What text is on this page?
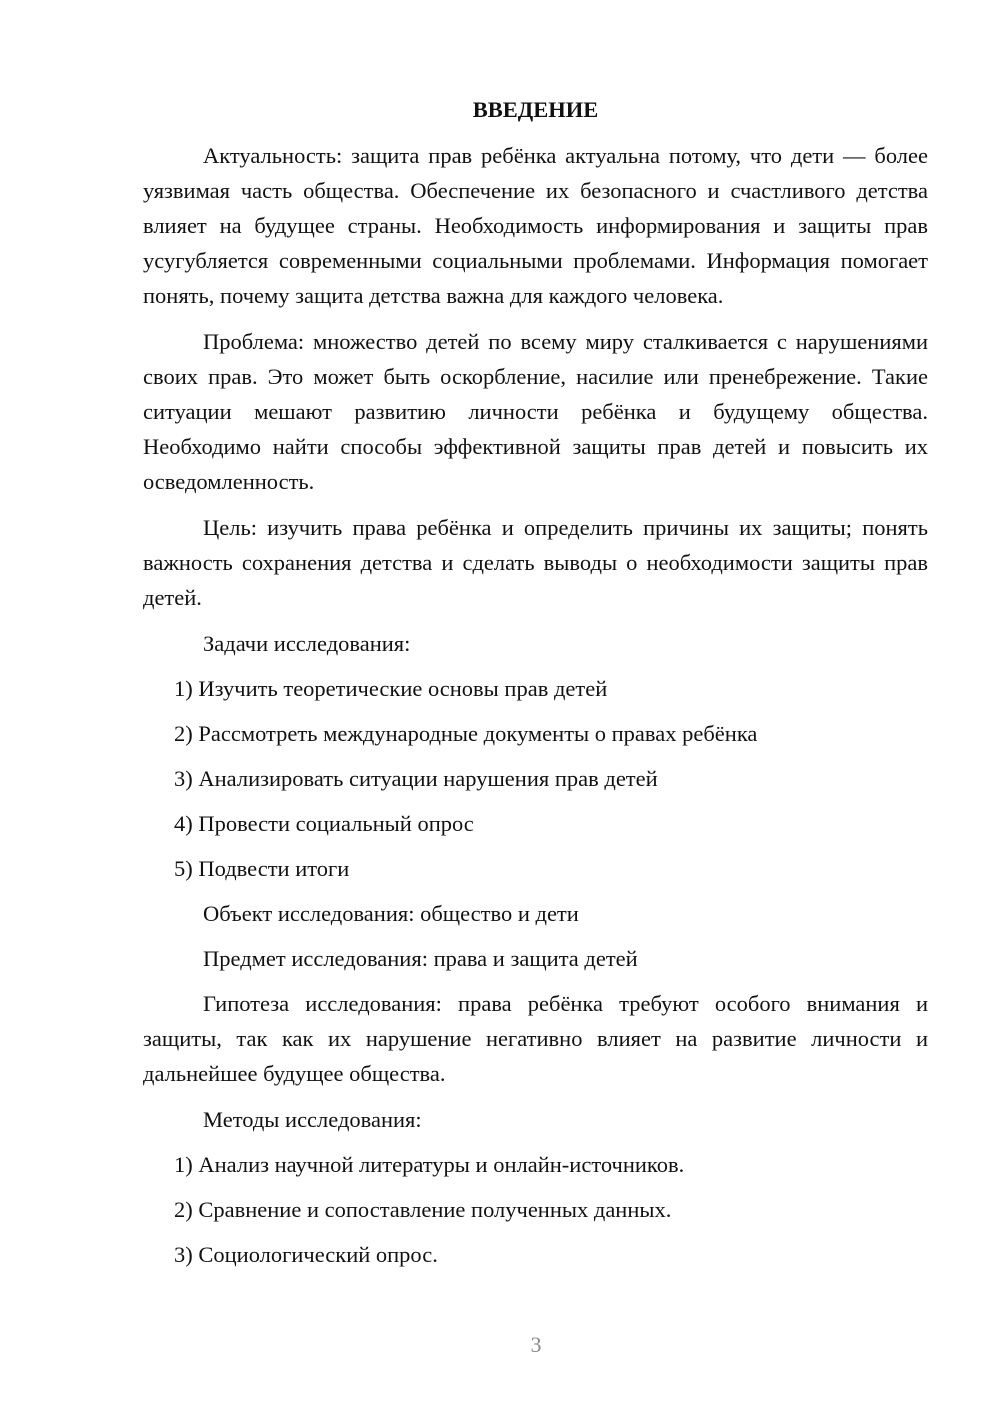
ВВЕДЕНИЕ

Актуальность: защита прав ребёнка актуальна потому, что дети — более уязвимая часть общества. Обеспечение их безопасного и счастливого детства влияет на будущее страны. Необходимость информирования и защиты прав усугубляется современными социальными проблемами. Информация помогает понять, почему защита детства важна для каждого человека.

Проблема: множество детей по всему миру сталкивается с нарушениями своих прав. Это может быть оскорбление, насилие или пренебрежение. Такие ситуации мешают развитию личности ребёнка и будущему общества. Необходимо найти способы эффективной защиты прав детей и повысить их осведомленность.

Цель: изучить права ребёнка и определить причины их защиты; понять важность сохранения детства и сделать выводы о необходимости защиты прав детей.

Задачи исследования:

1) Изучить теоретические основы прав детей

2) Рассмотреть международные документы о правах ребёнка

3) Анализировать ситуации нарушения прав детей

4) Провести социальный опрос

5) Подвести итоги

Объект исследования: общество и дети

Предмет исследования: права и защита детей

Гипотеза исследования: права ребёнка требуют особого внимания и защиты, так как их нарушение негативно влияет на развитие личности и дальнейшее будущее общества.

Методы исследования:

1) Анализ научной литературы и онлайн-источников.

2) Сравнение и сопоставление полученных данных.

3) Социологический опрос.

3
